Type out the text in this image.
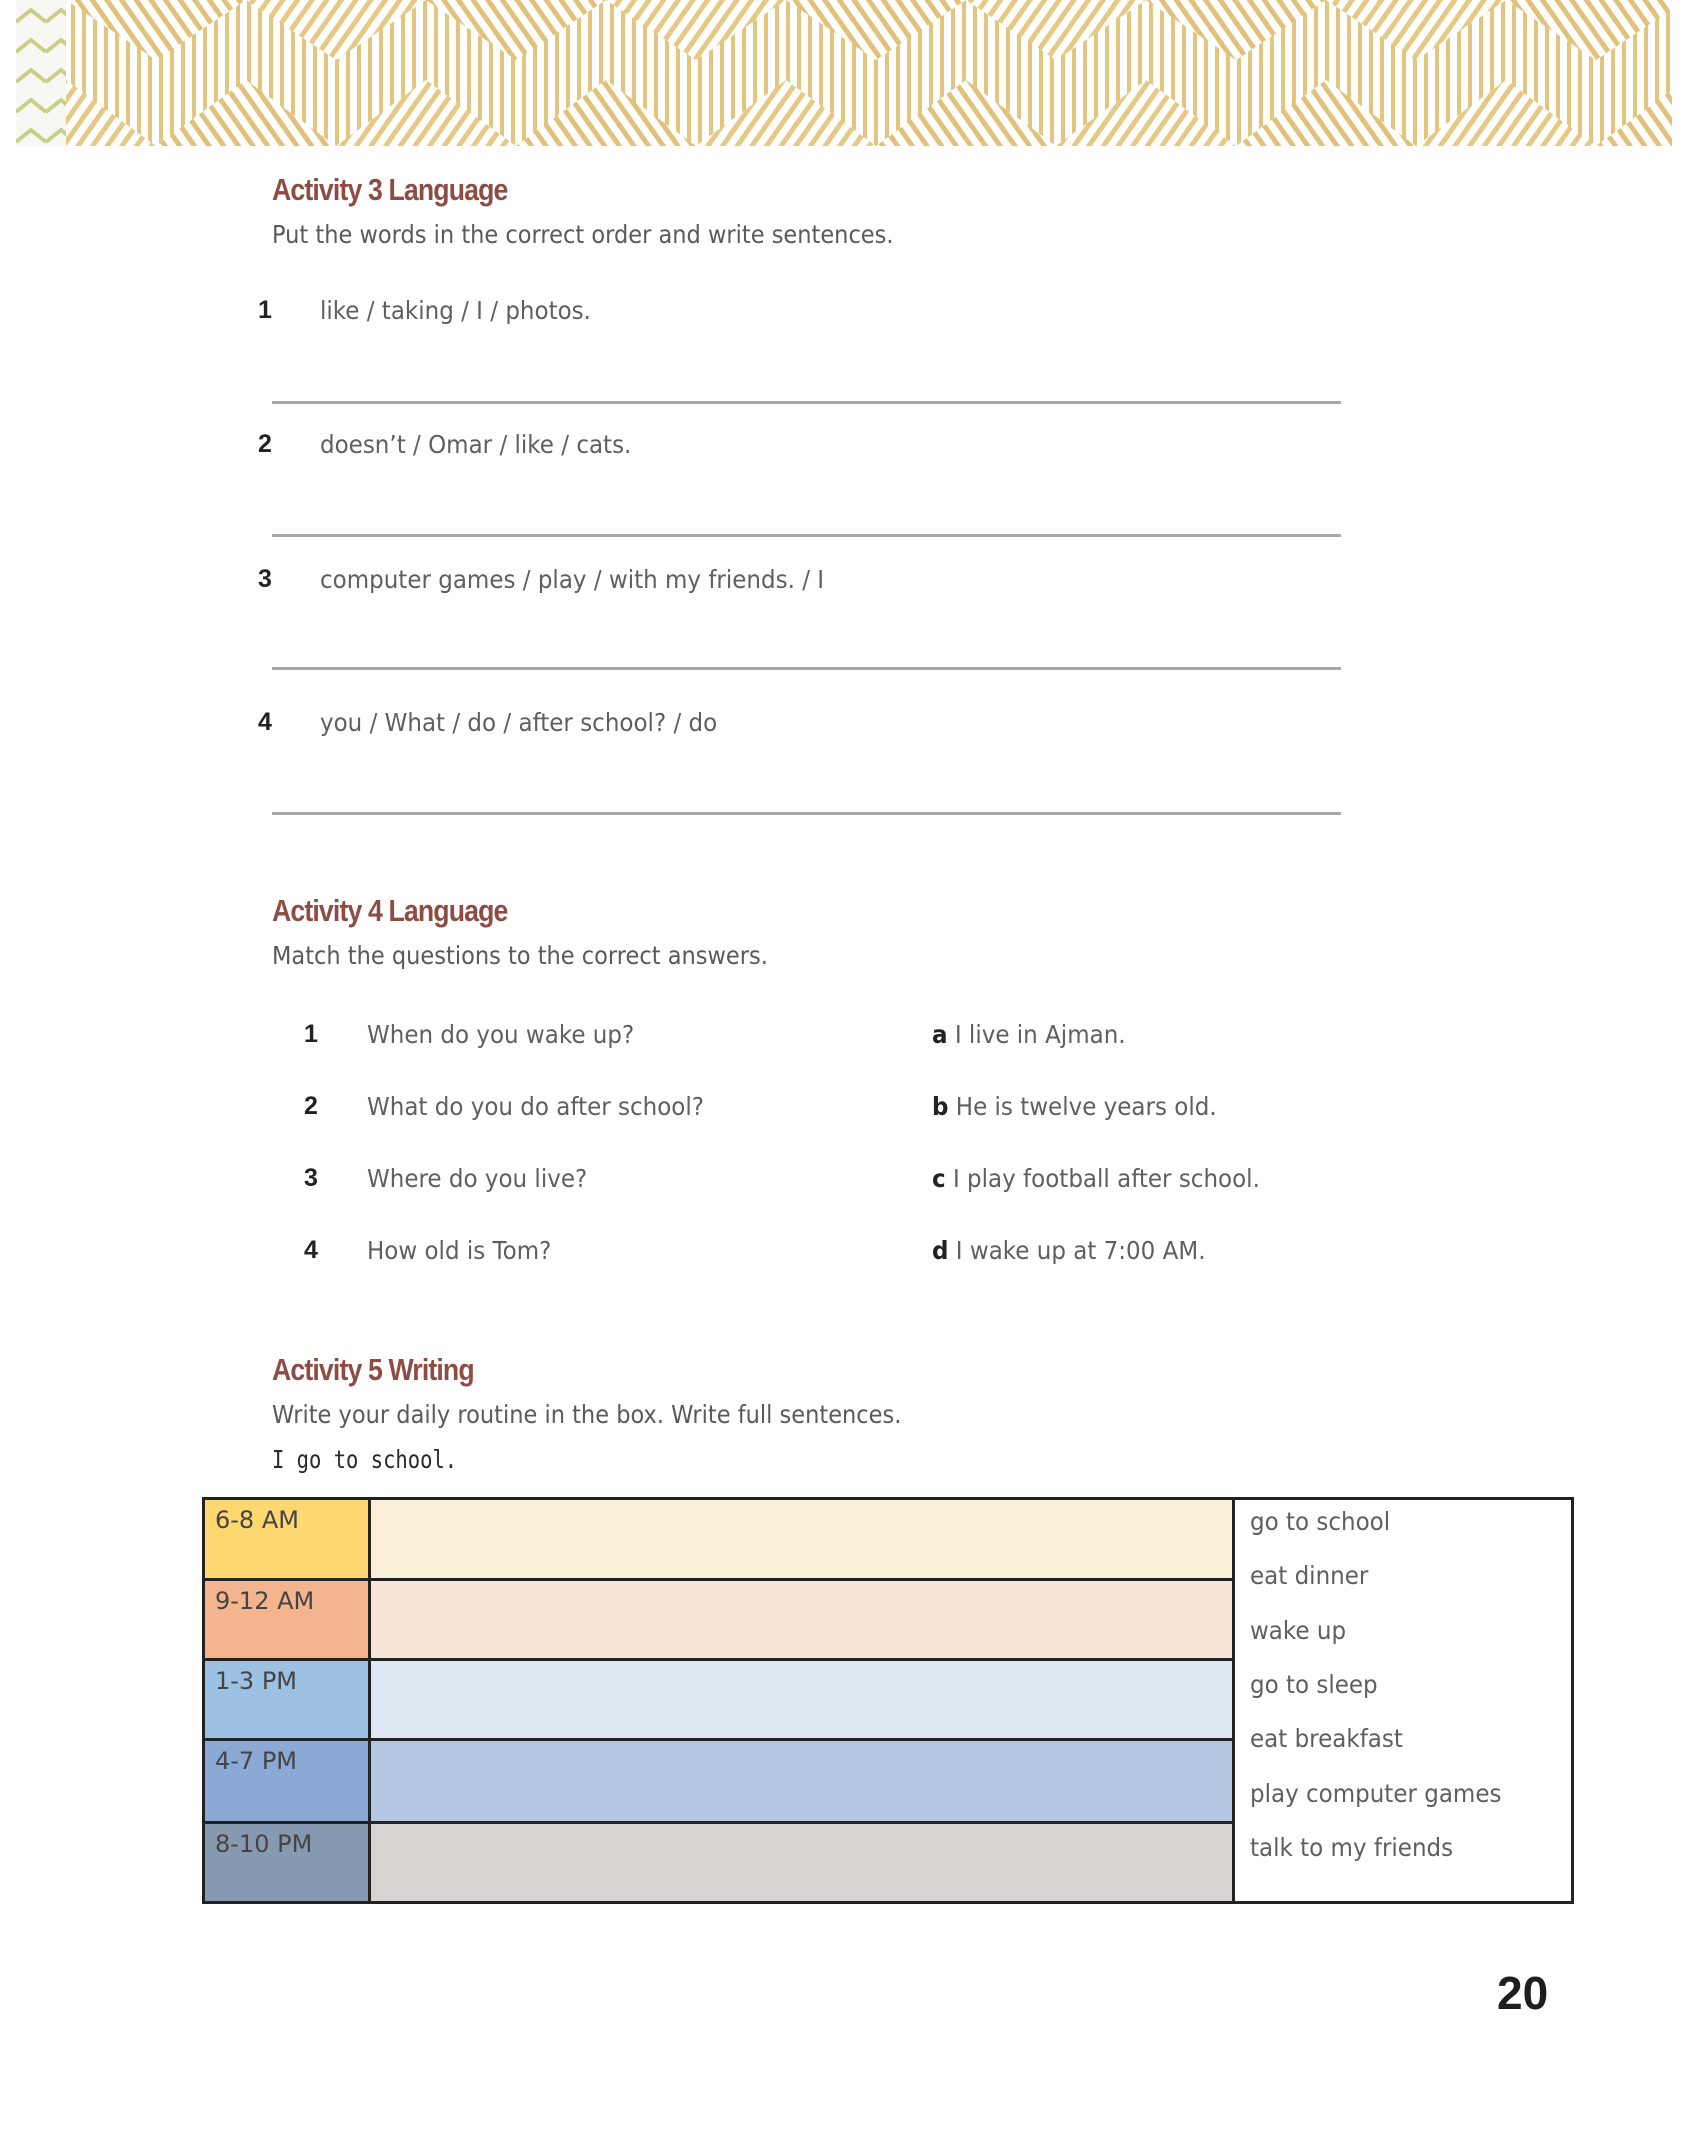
Activity 3 Language
Put the words in the correct order and write sentences.
1 like / taking / I / photos.
2 doesn’t / Omar / like / cats.
3 computer games / play / with my friends. / I
4 you / What / do / after school? / do
Activity 4 Language
Match the questions to the correct answers.
1 When do you wake up?	a I live in Ajman.
2 What do you do after school?	b He is twelve years old.
3 Where do you live?	c I play football after school.
4 How old is Tom?	d I wake up at 7:00 AM.
Activity 5 Writing
Write your daily routine in the box. Write full sentences.
I go to school.
6-8 AM
9-12 AM
1-3 PM
4-7 PM
8-10 PM
go to school
eat dinner
wake up
go to sleep
eat breakfast
play computer games
talk to my friends
20
